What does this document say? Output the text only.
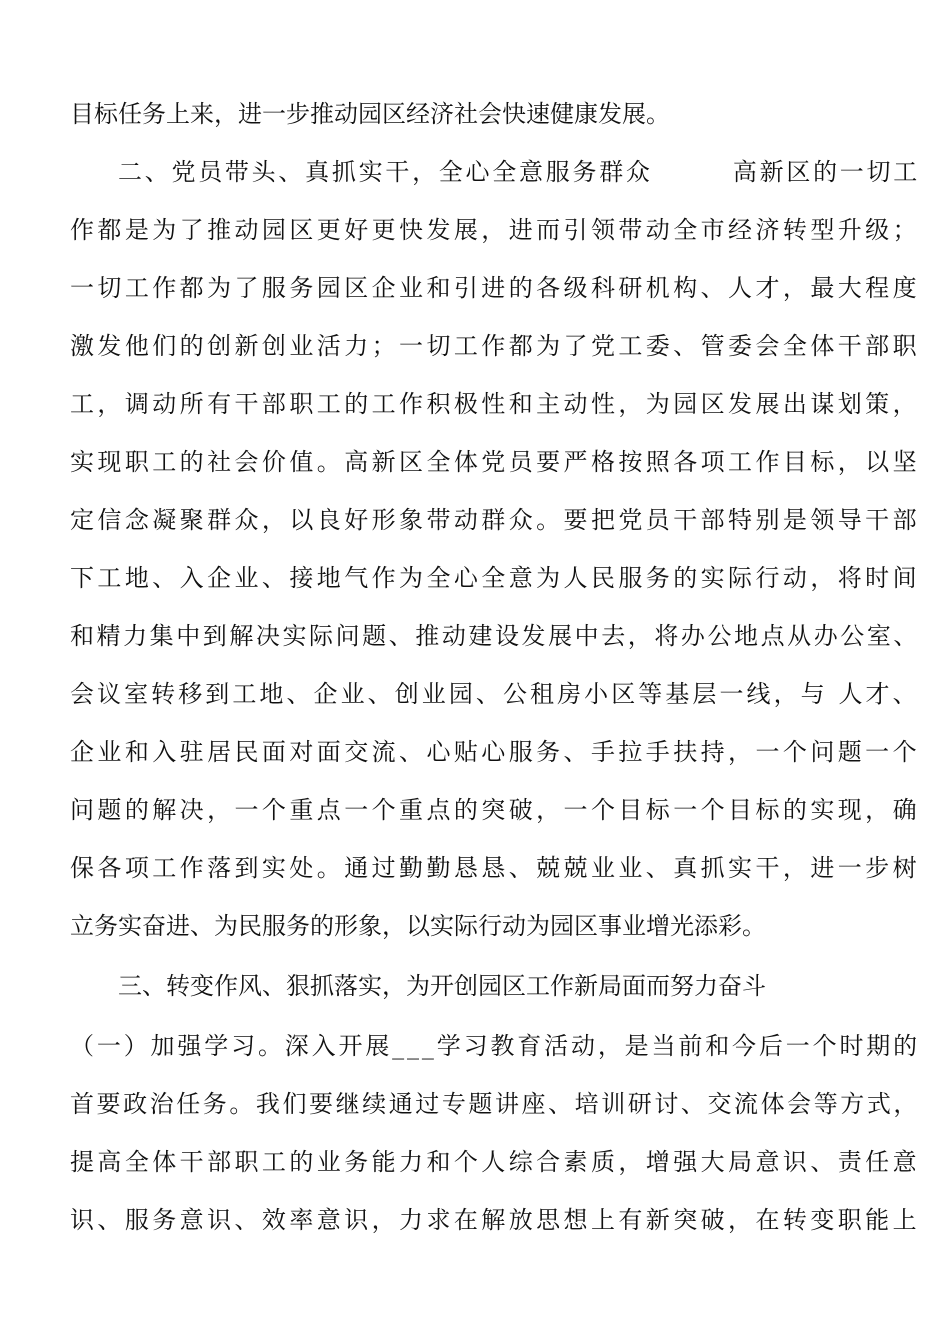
目标任务上来，进一步推动园区经济社会快速健康发展。
二、党员带头、真抓实干，全心全意服务群众　　　高新区的一切工
作都是为了推动园区更好更快发展，进而引领带动全市经济转型升级；
一切工作都为了服务园区企业和引进的各级科研机构、人才，最大程度
激发他们的创新创业活力；一切工作都为了党工委、管委会全体干部职
工，调动所有干部职工的工作积极性和主动性，为园区发展出谋划策，
实现职工的社会价值。高新区全体党员要严格按照各项工作目标，以坚
定信念凝聚群众，以良好形象带动群众。要把党员干部特别是领导干部
下工地、入企业、接地气作为全心全意为人民服务的实际行动，将时间
和精力集中到解决实际问题、推动建设发展中去，将办公地点从办公室、
会议室转移到工地、企业、创业园、公租房小区等基层一线，与 人才、
企业和入驻居民面对面交流、心贴心服务、手拉手扶持，一个问题一个
问题的解决，一个重点一个重点的突破，一个目标一个目标的实现，确
保各项工作落到实处。通过勤勤恳恳、兢兢业业、真抓实干，进一步树
立务实奋进、为民服务的形象，以实际行动为园区事业增光添彩。
三、转变作风、狠抓落实，为开创园区工作新局面而努力奋斗
（一）加强学习。深入开展___学习教育活动，是当前和今后一个时期的
首要政治任务。我们要继续通过专题讲座、培训研讨、交流体会等方式，
提高全体干部职工的业务能力和个人综合素质，增强大局意识、责任意
识、服务意识、效率意识，力求在解放思想上有新突破，在转变职能上
